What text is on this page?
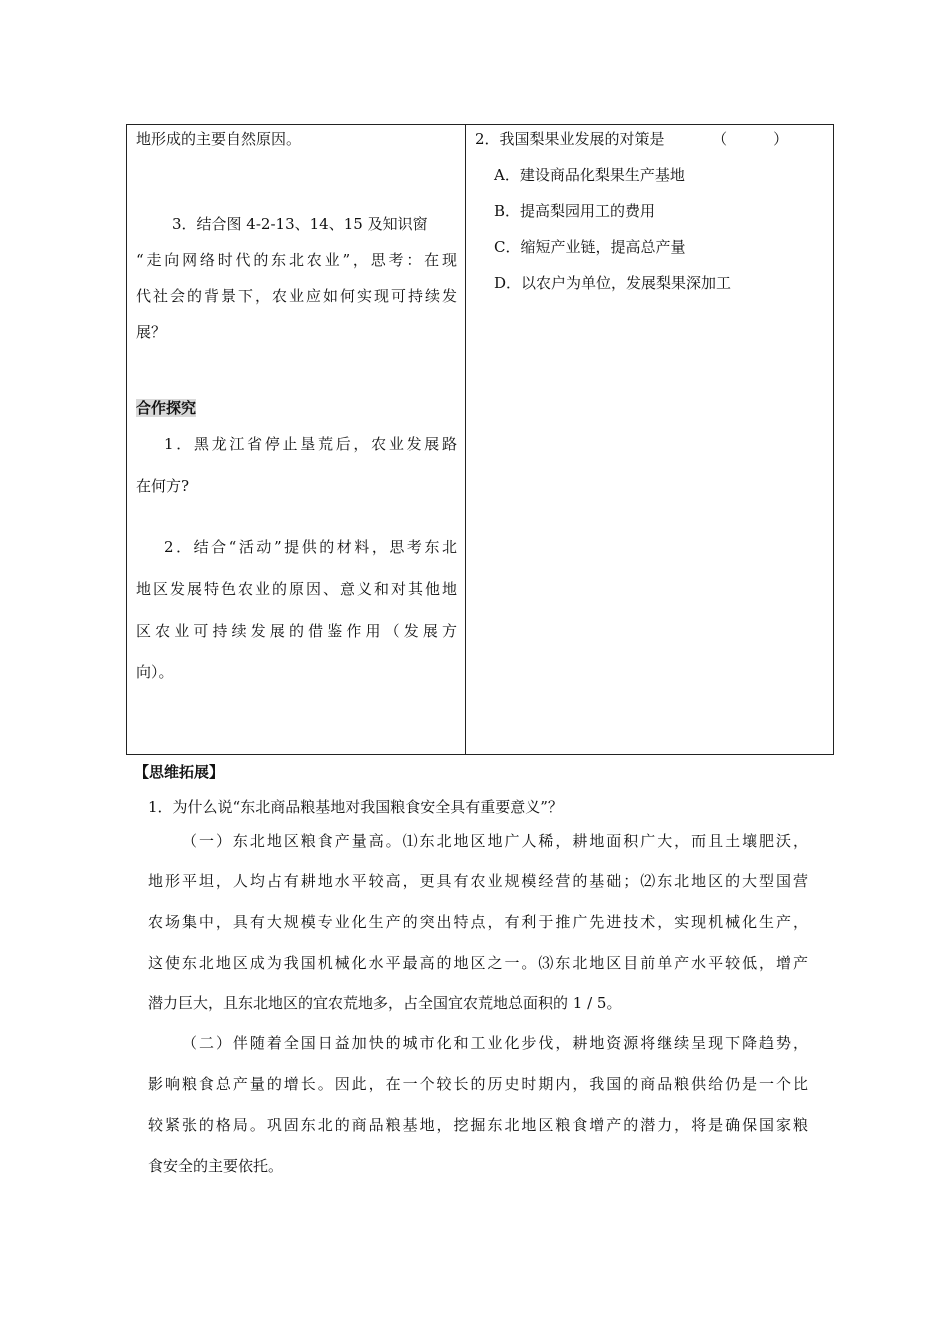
地形成的主要自然原因。
3．结合图 4-2-13、14、15 及知识窗
“走向网络时代的东北农业”，思考：在现
代社会的背景下，农业应如何实现可持续发
展？
合作探究
1．黑龙江省停止垦荒后，农业发展路
在何方?
2．结合“活动”提供的材料，思考东北
地区发展特色农业的原因、意义和对其他地
区农业可持续发展的借鉴作用（发展方
向）。
2．我国梨果业发展的对策是	（	）
A．建设商品化梨果生产基地
B．提高梨园用工的费用
C．缩短产业链，提高总产量
D．以农户为单位，发展梨果深加工
【思维拓展】
1．为什么说“东北商品粮基地对我国粮食安全具有重要意义”？
（一）东北地区粮食产量高。⑴东北地区地广人稀，耕地面积广大，而且土壤肥沃，
地形平坦，人均占有耕地水平较高，更具有农业规模经营的基础；⑵东北地区的大型国营
农场集中，具有大规模专业化生产的突出特点，有利于推广先进技术，实现机械化生产，
这使东北地区成为我国机械化水平最高的地区之一。⑶东北地区目前单产水平较低，增产
潜力巨大，且东北地区的宜农荒地多，占全国宜农荒地总面积的 1 / 5。
（二）伴随着全国日益加快的城市化和工业化步伐，耕地资源将继续呈现下降趋势，
影响粮食总产量的增长。因此，在一个较长的历史时期内，我国的商品粮供给仍是一个比
较紧张的格局。巩固东北的商品粮基地，挖掘东北地区粮食增产的潜力，将是确保国家粮
食安全的主要依托。
